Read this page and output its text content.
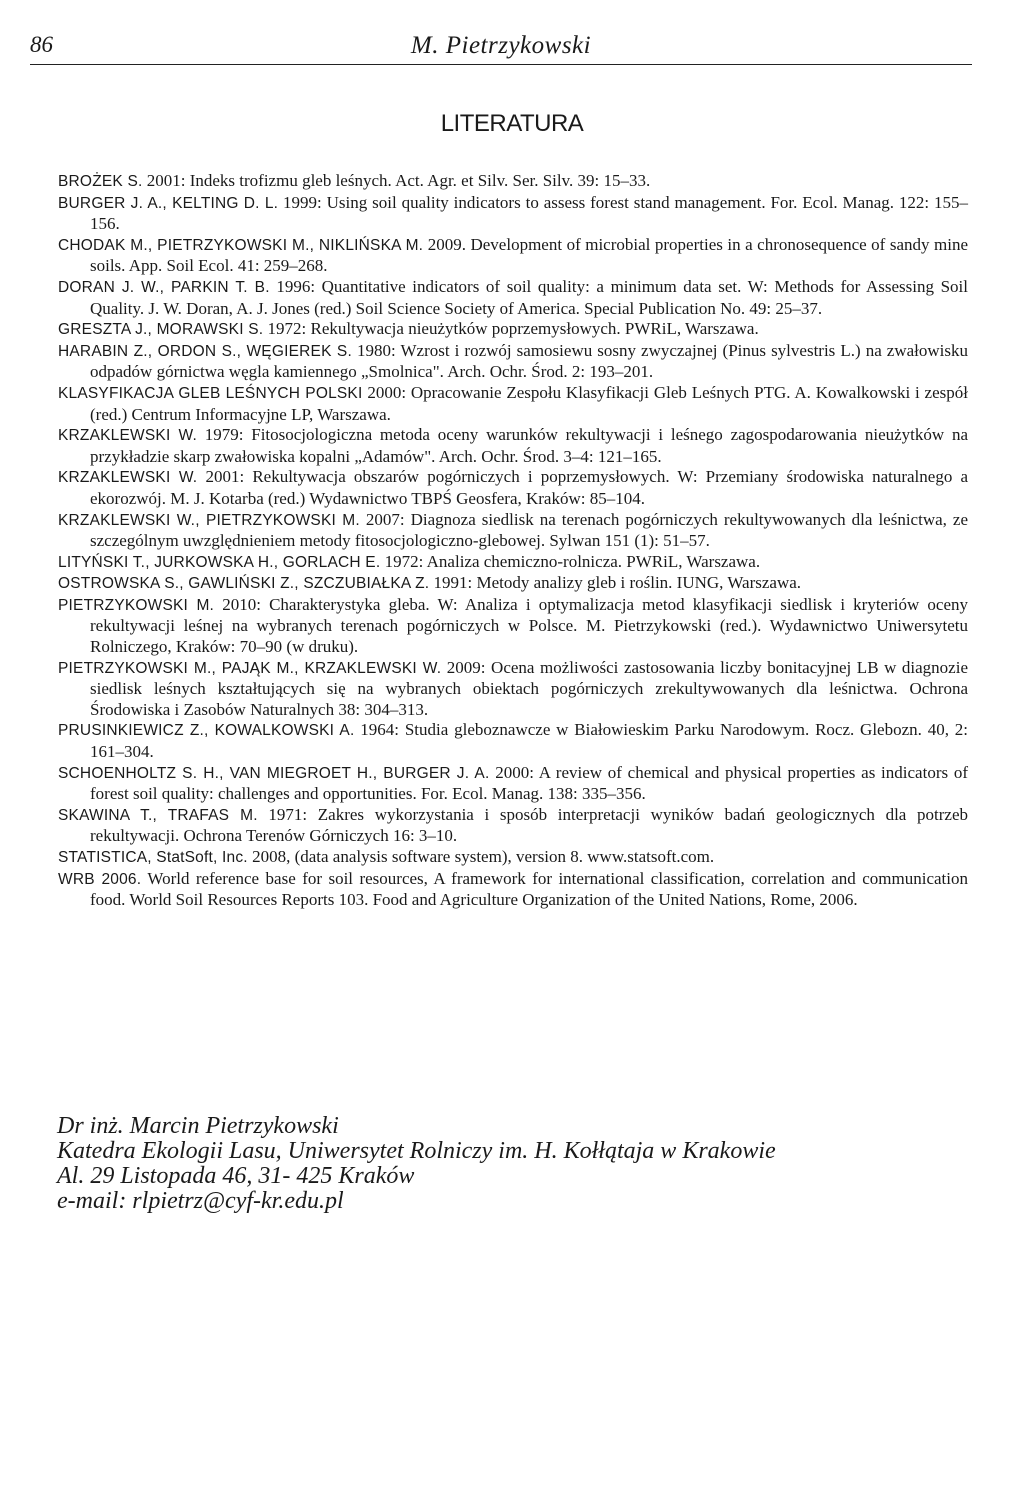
86	M. Pietrzykowski
LITERATURA
BROŻEK S. 2001: Indeks trofizmu gleb leśnych. Act. Agr. et Silv. Ser. Silv. 39: 15–33.
BURGER J. A., KELTING D. L. 1999: Using soil quality indicators to assess forest stand management. For. Ecol. Manag. 122: 155–156.
CHODAK M., PIETRZYKOWSKI M., NIKLIŃSKA M. 2009. Development of microbial properties in a chronosequence of sandy mine soils. App. Soil Ecol. 41: 259–268.
DORAN J. W., PARKIN T. B. 1996: Quantitative indicators of soil quality: a minimum data set. W: Methods for Assessing Soil Quality. J. W. Doran, A. J. Jones (red.) Soil Science Society of America. Special Publication No. 49: 25–37.
GRESZTA J., MORAWSKI S. 1972: Rekultywacja nieużytków poprzemysłowych. PWRiL, Warszawa.
HARABIN Z., ORDON S., WĘGIEREK S. 1980: Wzrost i rozwój samosiewu sosny zwyczajnej (Pinus sylvestris L.) na zwałowisku odpadów górnictwa węgla kamiennego „Smolnica". Arch. Ochr. Środ. 2: 193–201.
KLASYFIKACJA GLEB LEŚNYCH POLSKI 2000: Opracowanie Zespołu Klasyfikacji Gleb Leśnych PTG. A. Kowalkowski i zespół (red.) Centrum Informacyjne LP, Warszawa.
KRZAKLEWSKI W. 1979: Fitosocjologiczna metoda oceny warunków rekultywacji i leśnego zagospodarowania nieużytków na przykładzie skarp zwałowiska kopalni „Adamów". Arch. Ochr. Środ. 3–4: 121–165.
KRZAKLEWSKI W. 2001: Rekultywacja obszarów pogórniczych i poprzemysłowych. W: Przemiany środowiska naturalnego a ekorozwój. M. J. Kotarba (red.) Wydawnictwo TBPŚ Geosfera, Kraków: 85–104.
KRZAKLEWSKI W., PIETRZYKOWSKI M. 2007: Diagnoza siedlisk na terenach pogórniczych rekultywowanych dla leśnictwa, ze szczególnym uwzględnieniem metody fitosocjologiczno-glebowej. Sylwan 151 (1): 51–57.
LITYŃSKI T., JURKOWSKA H., GORLACH E. 1972: Analiza chemiczno-rolnicza. PWRiL, Warszawa.
OSTROWSKA S., GAWLIŃSKI Z., SZCZUBIAŁKA Z. 1991: Metody analizy gleb i roślin. IUNG, Warszawa.
PIETRZYKOWSKI M. 2010: Charakterystyka gleba. W: Analiza i optymalizacja metod klasyfikacji siedlisk i kryteriów oceny rekultywacji leśnej na wybranych terenach pogórniczych w Polsce. M. Pietrzykowski (red.). Wydawnictwo Uniwersytetu Rolniczego, Kraków: 70–90 (w druku).
PIETRZYKOWSKI M., PAJĄK M., KRZAKLEWSKI W. 2009: Ocena możliwości zastosowania liczby bonitacyjnej LB w diagnozie siedlisk leśnych kształtujących się na wybranych obiektach pogórniczych zrekultywowanych dla leśnictwa. Ochrona Środowiska i Zasobów Naturalnych 38: 304–313.
PRUSINKIEWICZ Z., KOWALKOWSKI A. 1964: Studia gleboznawcze w Białowieskim Parku Narodowym. Rocz. Glebozn. 40, 2: 161–304.
SCHOENHOLTZ S. H., VAN MIEGROET H., BURGER J. A. 2000: A review of chemical and physical properties as indicators of forest soil quality: challenges and opportunities. For. Ecol. Manag. 138: 335–356.
SKAWINA T., TRAFAS M. 1971: Zakres wykorzystania i sposób interpretacji wyników badań geologicznych dla potrzeb rekultywacji. Ochrona Terenów Górniczych 16: 3–10.
STATISTICA, StatSoft, Inc. 2008, (data analysis software system), version 8. www.statsoft.com.
WRB 2006. World reference base for soil resources, A framework for international classification, correlation and communication food. World Soil Resources Reports 103. Food and Agriculture Organization of the United Nations, Rome, 2006.
Dr inż. Marcin Pietrzykowski
Katedra Ekologii Lasu, Uniwersytet Rolniczy im. H. Kołłątaja w Krakowie
Al. 29 Listopada 46, 31- 425 Kraków
e-mail: rlpietrz@cyf-kr.edu.pl
